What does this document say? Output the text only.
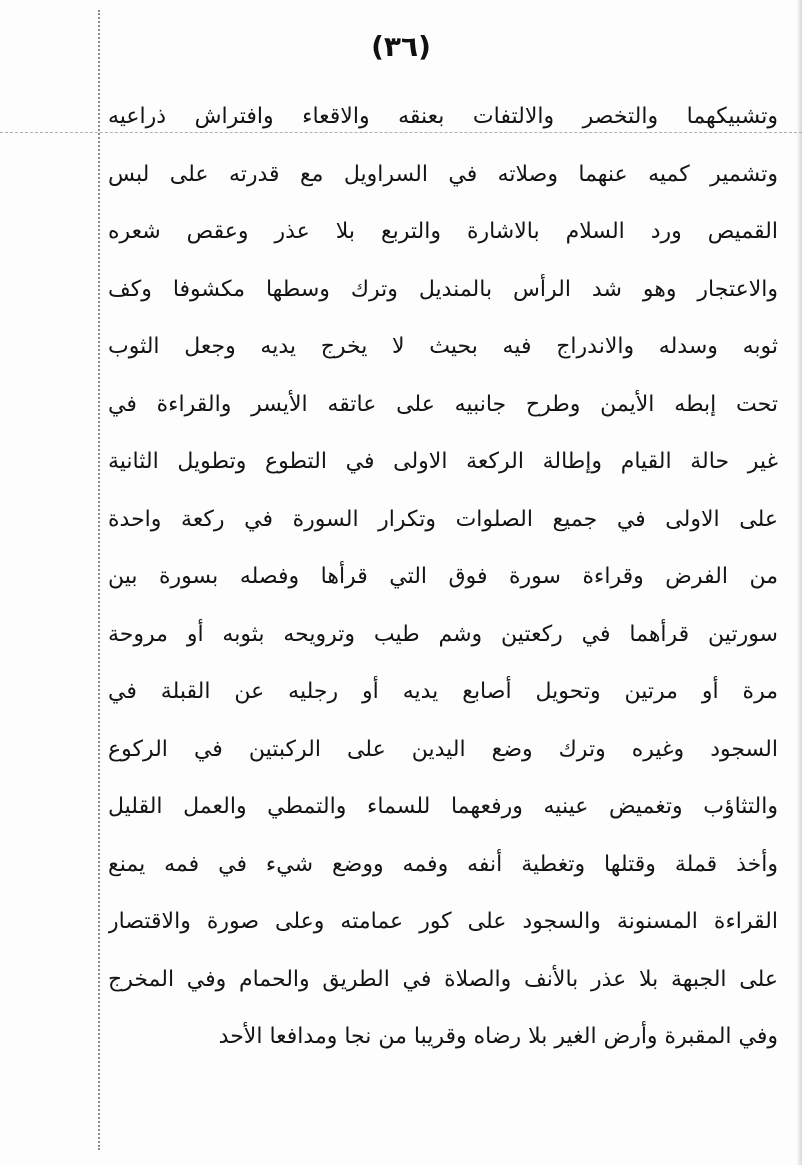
(٣٦)
وتشبيكهما والتخصر والالتفات بعنقه والاقعاء وافتراش ذراعيه
وتشمير كميه عنهما وصلاته في السراويل مع قدرته على لبس
القميص ورد السلام بالاشارة والتربع بلا عذر وعقص شعره
والاعتجار وهو شد الرأس بالمنديل وترك وسطها مكشوفا وكف
ثوبه وسدله والاندراج فيه بحيث لا يخرج يديه وجعل الثوب
تحت إبطه الأيمن وطرح جانبيه على عاتقه الأيسر والقراءة في
غير حالة القيام وإطالة الركعة الاولى في التطوع وتطويل الثانية
على الاولى في جميع الصلوات وتكرار السورة في ركعة واحدة
من الفرض وقراءة سورة فوق التي قرأها وفصله بسورة بين
سورتين قرأهما في ركعتين وشم طيب وترويحه بثوبه أو مروحة
مرة أو مرتين وتحويل أصابع يديه أو رجليه عن القبلة في
السجود وغيره وترك وضع اليدين على الركبتين في الركوع
والتثاؤب وتغميض عينيه ورفعهما للسماء والتمطي والعمل القليل
وأخذ قملة وقتلها وتغطية أنفه وفمه ووضع شيء في فمه يمنع
القراءة المسنونة والسجود على كور عمامته وعلى صورة والاقتصار
على الجبهة بلا عذر بالأنف والصلاة في الطريق والحمام وفي المخرج
وفي المقبرة وأرض الغير بلا رضاه وقريبا من نجا ومدافعا الأحد
